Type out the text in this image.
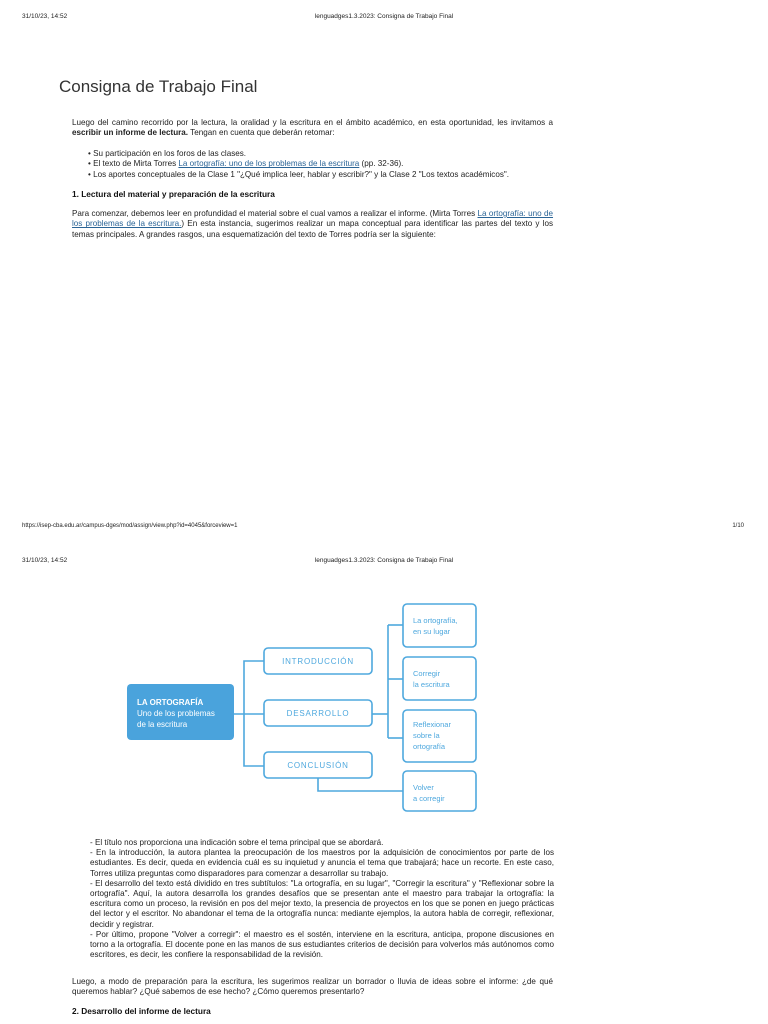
31/10/23, 14:52	lenguadges1.3.2023: Consigna de Trabajo Final
Consigna de Trabajo Final

Luego del camino recorrido por la lectura, la oralidad y la escritura en el ámbito académico, en esta oportunidad, les invitamos a escribir un informe de lectura. Tengan en cuenta que deberán retomar:

• Su participación en los foros de las clases.
• El texto de Mirta Torres La ortografía: uno de los problemas de la escritura (pp. 32-36).
• Los aportes conceptuales de la Clase 1 "¿Qué implica leer, hablar y escribir?" y la Clase 2 "Los textos académicos".
1. Lectura del material y preparación de la escritura

Para comenzar, debemos leer en profundidad el material sobre el cual vamos a realizar el informe. (Mirta Torres La ortografía: uno de los problemas de la escritura.) En esta instancia, sugerimos realizar un mapa conceptual para identificar las partes del texto y los temas principales. A grandes rasgos, una esquematización del texto de Torres podría ser la siguiente:

https://isep-cba.edu.ar/campus-dges/mod/assign/view.php?id=4045&forceview=1	1/10
31/10/23, 14:52	lenguadges1.3.2023: Consigna de Trabajo Final
LA ORTOGRAFÍA
Uno de los problemas
de la escritura
INTRODUCCIÓN
DESARROLLO
CONCLUSIÓN
La ortografía,
en su lugar
Corregir
la escritura
Reflexionar
sobre la
ortografía
Volver
a corregir

- El título nos proporciona una indicación sobre el tema principal que se abordará.

- En la introducción, la autora plantea la preocupación de los maestros por la adquisición de conocimientos por parte de los estudiantes. Es decir, queda en evidencia cuál es su inquietud y anuncia el tema que trabajará; hace un recorte. En este caso, Torres utiliza preguntas como disparadores para comenzar a desarrollar su trabajo.

- El desarrollo del texto está dividido en tres subtítulos: "La ortografía, en su lugar", "Corregir la escritura" y "Reflexionar sobre la ortografía". Aquí, la autora desarrolla los grandes desafíos que se presentan ante el maestro para trabajar la ortografía: la escritura como un proceso, la revisión en pos del mejor texto, la presencia de proyectos en los que se ponen en juego prácticas del lector y el escritor. No abandonar el tema de la ortografía nunca: mediante ejemplos, la autora habla de corregir, reflexionar, decidir y registrar.

- Por último, propone "Volver a corregir": el maestro es el sostén, interviene en la escritura, anticipa, propone discusiones en torno a la ortografía. El docente pone en las manos de sus estudiantes criterios de decisión para volverlos más autónomos como escritores, es decir, les confiere la responsabilidad de la revisión.

Luego, a modo de preparación para la escritura, les sugerimos realizar un borrador o lluvia de ideas sobre el informe: ¿de qué queremos hablar? ¿Qué sabemos de ese hecho? ¿Cómo queremos presentarlo?

2. Desarrollo del informe de lectura
